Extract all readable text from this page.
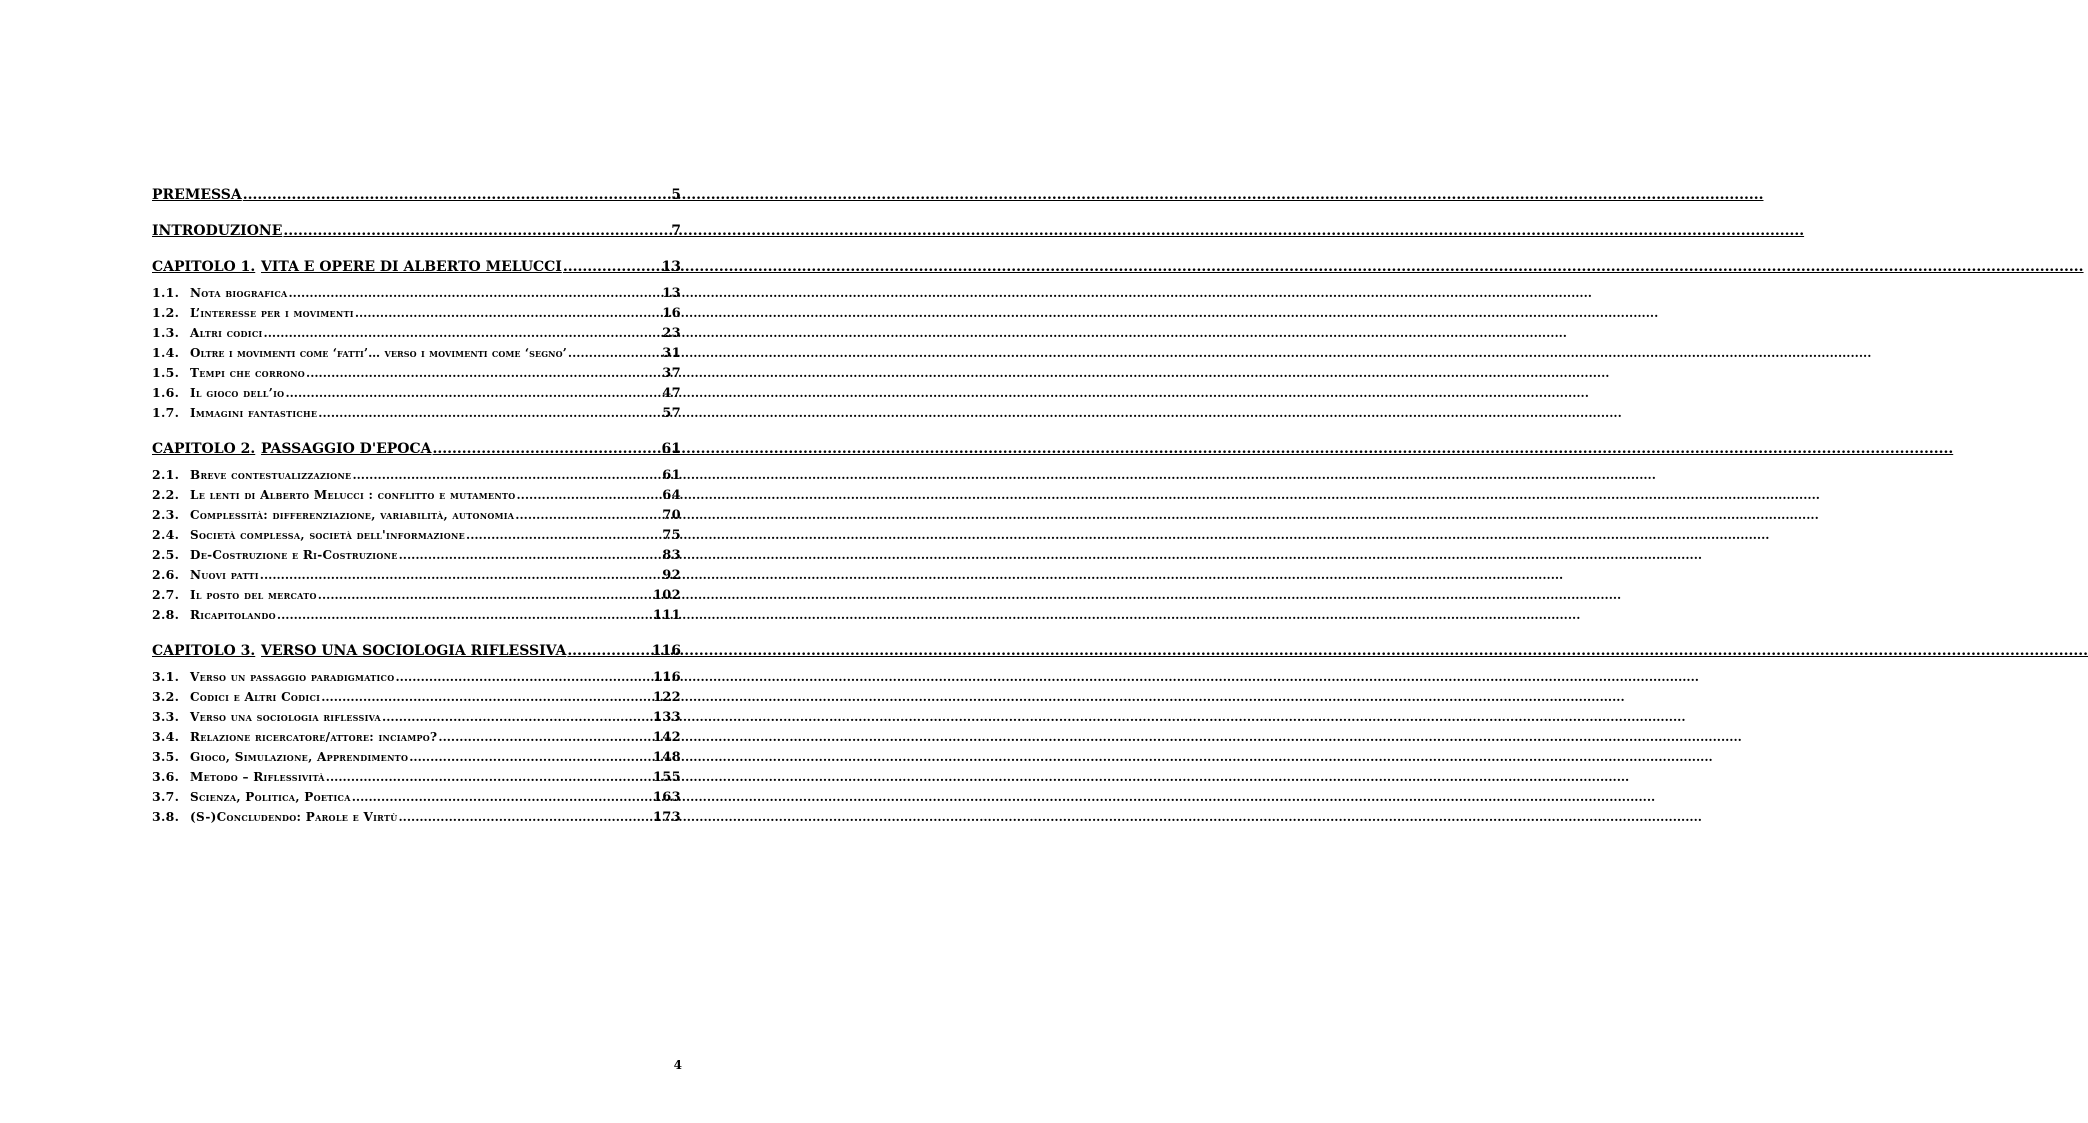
PREMESSA .....	5
INTRODUZIONE .....	7
CAPITOLO 1. VITA E OPERE DI ALBERTO MELUCCI .....	13
1.1. Nota biografica .....	13
1.2. L’interesse per i movimenti .....	16
1.3. Altri codici .....	23
1.4. Oltre i movimenti come ‘fatti’… verso i movimenti come ‘segno’ .....	31
1.5. Tempi che corrono .....	37
1.6. Il gioco dell’io .....	47
1.7. Immagini fantastiche .....	57
CAPITOLO 2. PASSAGGIO D'EPOCA .....	61
2.1. Breve contestualizzazione .....	61
2.2. Le lenti di Alberto Melucci : conflitto e mutamento .....	64
2.3. Complessità: differenziazione, variabilità, autonomia .....	70
2.4. Società complessa, società dell'informazione .....	75
2.5. De-Costruzione e Ri-Costruzione .....	83
2.6. Nuovi patti .....	92
2.7. Il posto del mercato .....	102
2.8. Ricapitolando .....	111
CAPITOLO 3. VERSO UNA SOCIOLOGIA RIFLESSIVA .....	116
3.1. Verso un passaggio paradigmatico .....	116
3.2. Codici e Altri Codici .....	122
3.3. Verso una sociologia riflessiva .....	133
3.4. Relazione ricercatore/attore: inciampo? .....	142
3.5. Gioco, Simulazione, Apprendimento .....	148
3.6. Metodo – Riflessività .....	155
3.7. Scienza, Politica, Poetica .....	163
3.8. (S-)Concludendo: Parole e Virtù .....	173
4
